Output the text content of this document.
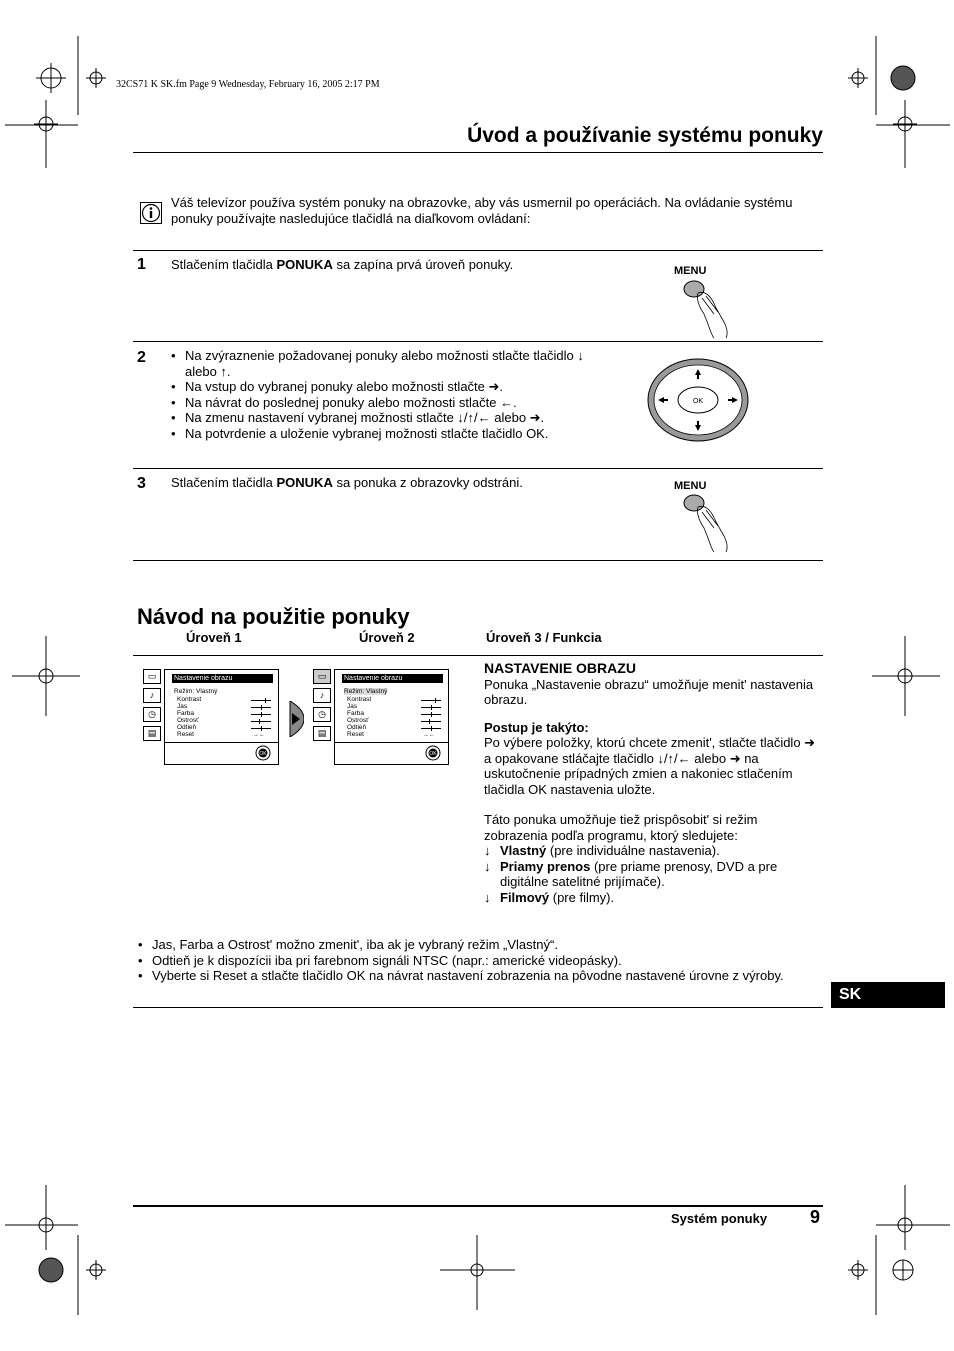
32CS71 K SK.fm Page 9 Wednesday, February 16, 2005 2:17 PM
Úvod a používanie systému ponuky
Váš televízor používa systém ponuky na obrazovke, aby vás usmernil po operáciách. Na ovládanie systému ponuky používajte nasledujúce tlačidlá na diaľkovom ovládaní:
1 Stlačením tlačidla PONUKA sa zapína prvá úroveň ponuky.	MENU
2
•	Na zvýraznenie požadovanej ponuky alebo možnosti stlačte tlačidlo ↓ alebo ↑.
• Na vstup do vybranej ponuky alebo možnosti stlačte ➜.
• Na návrat do poslednej ponuky alebo možnosti stlačte ←.
• Na zmenu nastavení vybranej možnosti stlačte ↓/↑/← alebo ➜.
• Na potvrdenie a uloženie vybranej možnosti stlačte tlačidlo OK.
OK
3 Stlačením tlačidla PONUKA sa ponuka z obrazovky odstráni.	MENU
Návod na použitie ponuky
Úroveň 1	Úroveň 2	Úroveň 3 / Funkcia
▭
♪
◷
▤
Nastavenie obrazu
Režim: Vlastný
Kontrast
Jas
Farba
Ostrosť
Odtieň
Reset	→←
OK
▭
♪
◷
▤
Nastavenie obrazu
Režim: Vlastný
Kontrast
Jas
Farba
Ostrosť
Odtieň
Reset	→←
OK
NASTAVENIE OBRAZU
Ponuka „Nastavenie obrazu“ umožňuje menit' nastavenia obrazu.
Postup je takýto:
Po výbere položky, ktorú chcete zmenit', stlačte tlačidlo ➜ a opakovane stláčajte tlačidlo ↓/↑/← alebo ➜ na uskutočnenie prípadných zmien a nakoniec stlačením tlačidla OK nastavenia uložte.
Táto ponuka umožňuje tiež prispôsobit' si režim zobrazenia podľa programu, ktorý sledujete:
↓ Vlastný (pre individuálne nastavenia).
↓ Priamy prenos (pre priame prenosy, DVD a pre digitálne satelitné prijímače).
↓ Filmový (pre filmy).
• Jas, Farba a Ostrost' možno zmenit', iba ak je vybraný režim „Vlastný“.
• Odtieň je k dispozícii iba pri farebnom signáli NTSC (napr.: americké videopásky).
• Vyberte si Reset a stlačte tlačidlo OK na návrat nastavení zobrazenia na pôvodne nastavené úrovne z výroby.
SK
Systém ponuky 9
